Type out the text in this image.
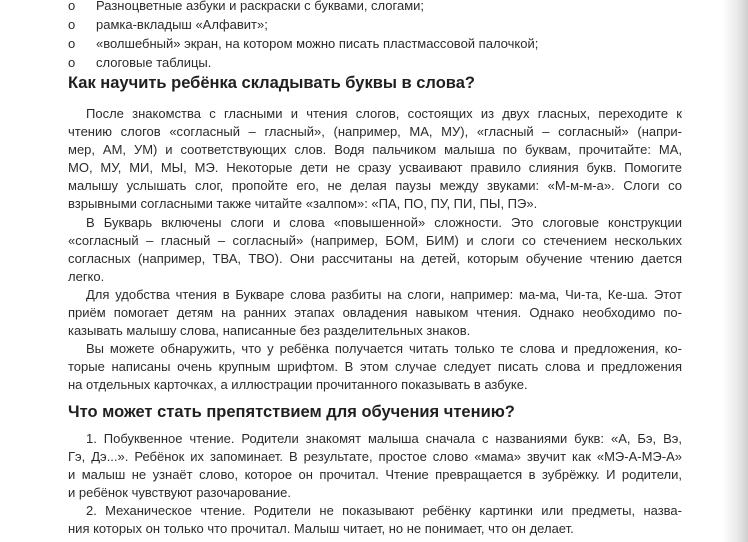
o Разноцветные азбуки и раскраски с буквами, слогами;
o рамка-вкладыш «Алфавит»;
o «волшебный» экран, на котором можно писать пластмассовой палочкой;
o слоговые таблицы.
Как научить ребёнка складывать буквы в слова?

После знакомства с гласными и чтения слогов, состоящих из двух гласных, переходите к

чтению слогов «согласный – гласный», (например, МА, МУ), «гласный – согласный» (напри-

мер, АМ, УМ) и соответствующих слов. Водя пальчиком малыша по буквам, прочитайте: МА,

МО, МУ, МИ, МЫ, МЭ. Некоторые дети не сразу усваивают правило слияния букв. Помогите

малышу услышать слог, пропойте его, не делая паузы между звуками: «М-м-м-а». Слоги со

взрывными согласными также читайте «залпом»: «ПА, ПО, ПУ, ПИ, ПЫ, ПЭ».

В Букварь включены слоги и слова «повышенной» сложности. Это слоговые конструкции

«согласный – гласный – согласный» (например, БОМ, БИМ) и слоги со стечением нескольких

согласных (например, ТВА, ТВО). Они рассчитаны на детей, которым обучение чтению дается

легко.

Для удобства чтения в Букваре слова разбиты на слоги, например: ма-ма, Чи-та, Ке-ша. Этот

приём помогает детям на ранних этапах овладения навыком чтения. Однако необходимо по-

казывать малышу слова, написанные без разделительных знаков.

Вы можете обнаружить, что у ребёнка получается читать только те слова и предложения, ко-

торые написаны очень крупным шрифтом. В этом случае следует писать слова и предложения

на отдельных карточках, а иллюстрации прочитанного показывать в азбуке.

Что может стать препятствием для обучения чтению?

1. Побуквенное чтение. Родители знакомят малыша сначала с названиями букв: «А, Бэ, Вэ,

Гэ, Дэ...». Ребёнок их запоминает. В результате, простое слово «мама» звучит как «МЭ-А-МЭ-А»

и малыш не узнаёт слово, которое он прочитал. Чтение превращается в зубрёжку. И родители,

и ребёнок чувствуют разочарование.

2. Механическое чтение. Родители не показывают ребёнку картинки или предметы, назва-

ния которых он только что прочитал. Малыш читает, но не понимает, что он делает.
